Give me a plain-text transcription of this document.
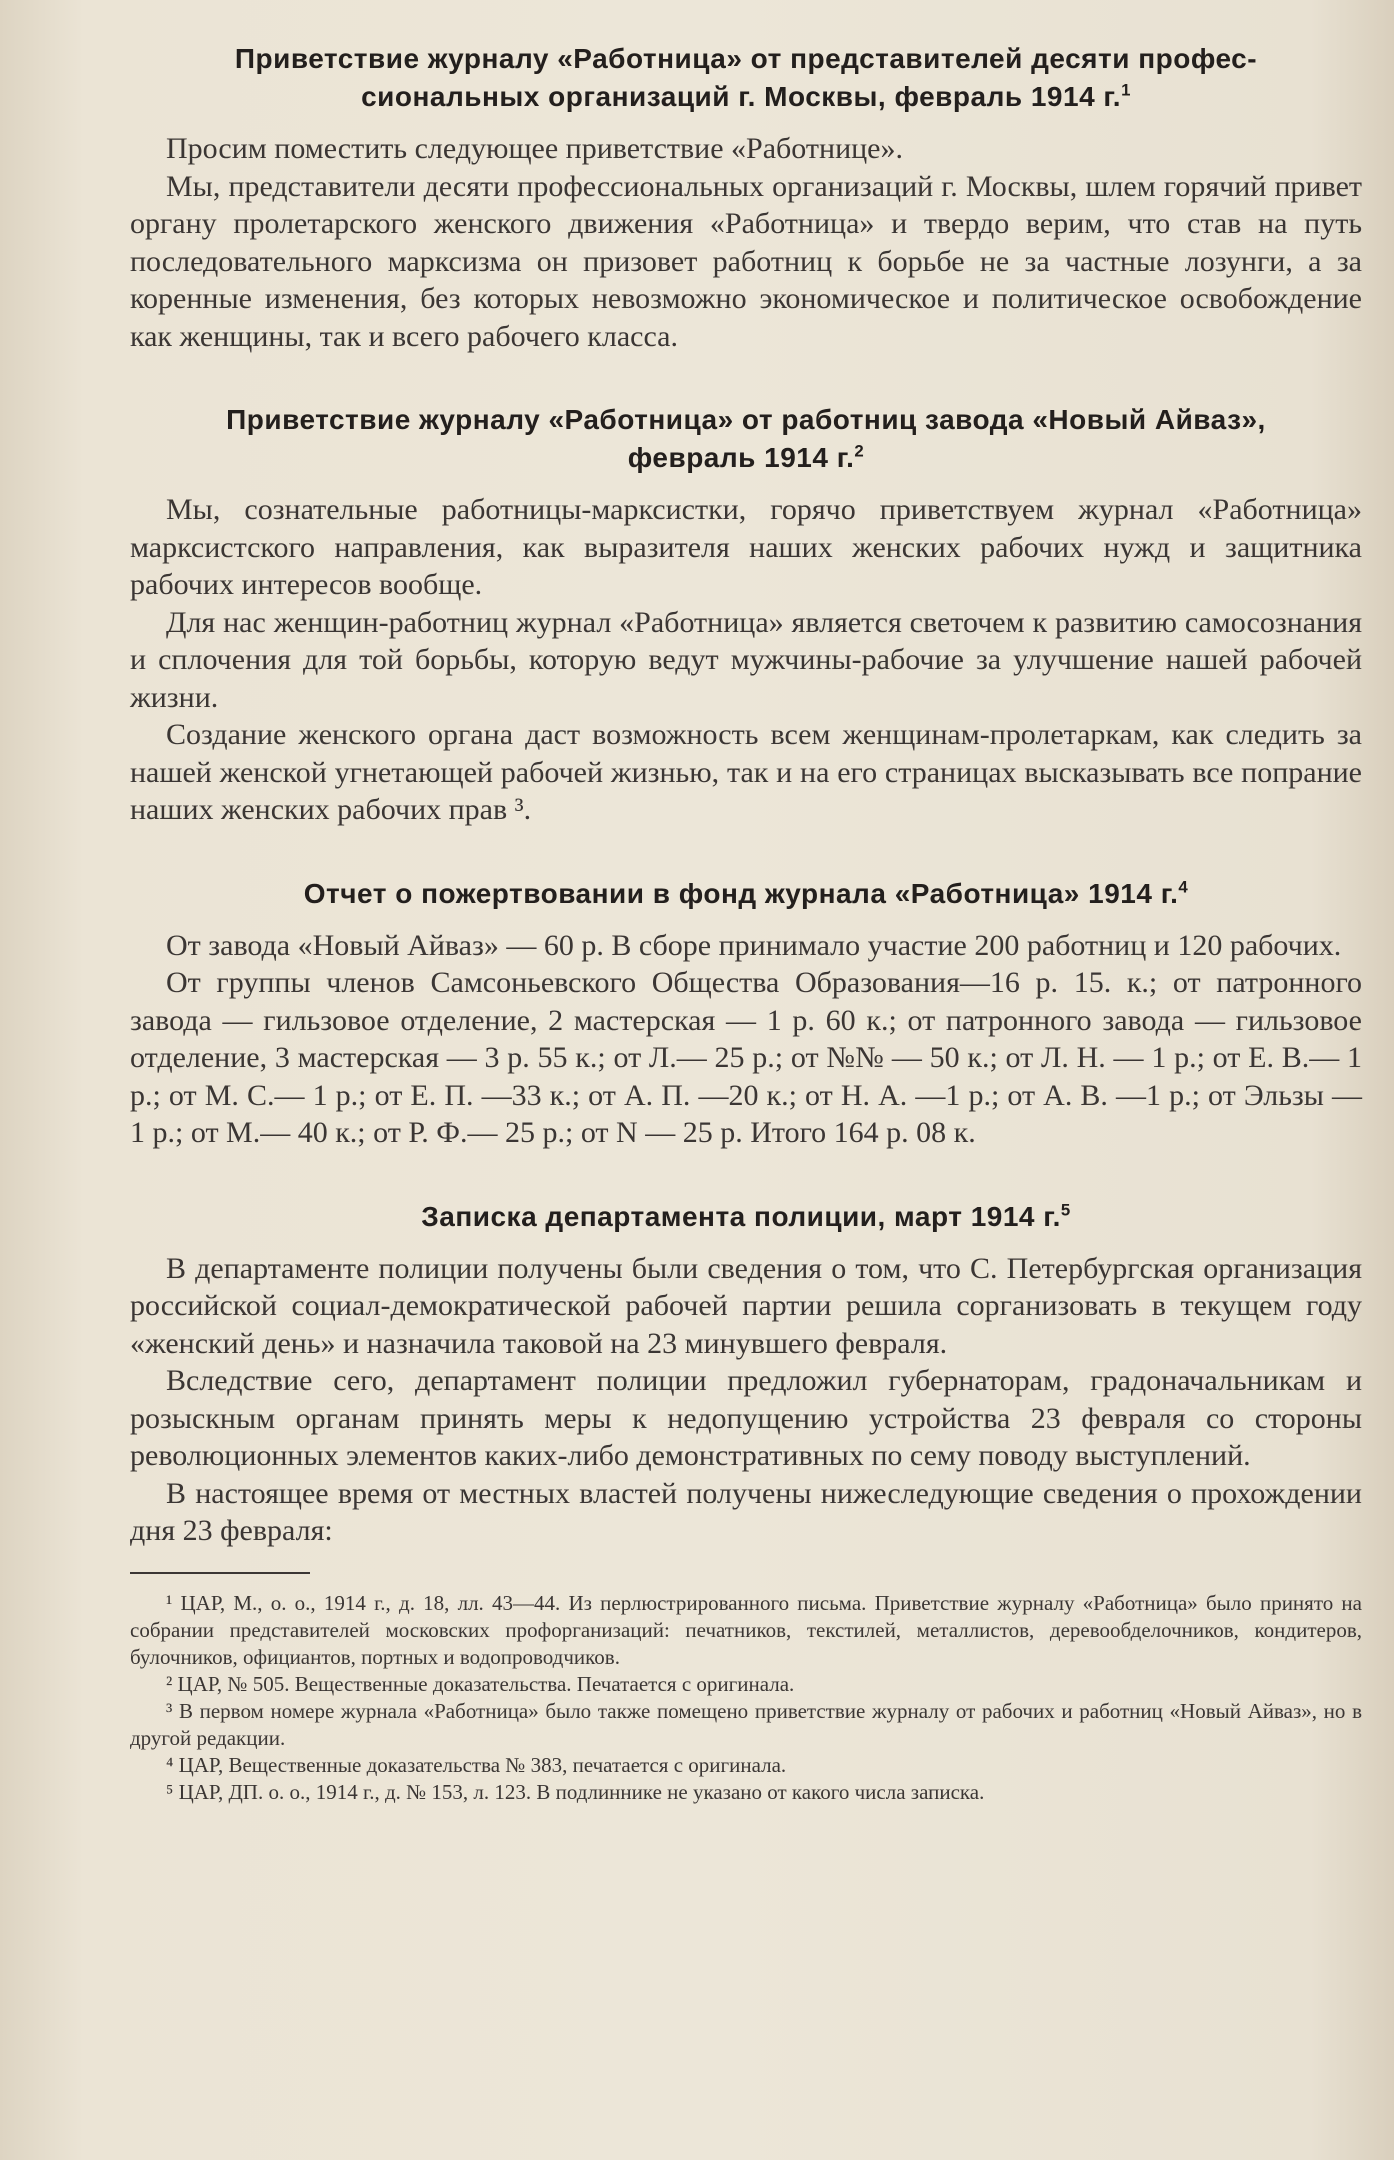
Приветствие журналу «Работница» от представителей десяти профес-
сиональных организаций г. Москвы, февраль 1914 г.$^1$

Просим поместить следующее приветствие «Работнице».

Мы, представители десяти профессиональных организаций г. Москвы, шлем горячий привет органу пролетарского женского движения «Работница» и твердо верим, что став на путь последовательного марксизма он призовет работниц к борьбе не за частные лозунги, а за коренные изменения, без которых невозможно экономическое и политическое освобождение как женщины, так и всего рабочего класса.

Приветствие журналу «Работница» от работниц завода «Новый Айваз»,
февраль 1914 г.$^2$

Мы, сознательные работницы-марксистки, горячо приветствуем журнал «Работница» марксистского направления, как выразителя наших женских рабочих нужд и защитника рабочих интересов вообще.

Для нас женщин-работниц журнал «Работница» является светочем к развитию самосознания и сплочения для той борьбы, которую ведут мужчины-рабочие за улучшение нашей рабочей жизни.

Создание женского органа даст возможность всем женщинам-пролетаркам, как следить за нашей женской угнетающей рабочей жизнью, так и на его страницах высказывать все попрание наших женских рабочих прав ³.

Отчет о пожертвовании в фонд журнала «Работница» 1914 г.$^4$

От завода «Новый Айваз» — 60 р. В сборе принимало участие 200 работниц и 120 рабочих.

От группы членов Самсоньевского Общества Образования—16 р. 15. к.; от патронного завода — гильзовое отделение, 2 мастерская — 1 р. 60 к.; от патронного завода — гильзовое отделение, 3 мастерская — 3 р. 55 к.; от Л.— 25 р.; от №№ — 50 к.; от Л. Н. — 1 р.; от Е. В.— 1 р.; от М. С.— 1 р.; от Е. П. —33 к.; от А. П. —20 к.; от Н. А. —1 р.; от А. В. —1 р.; от Эльзы — 1 р.; от М.— 40 к.; от Р. Ф.— 25 р.; от N — 25 р. Итого 164 р. 08 к.

Записка департамента полиции, март 1914 г.$^5$

В департаменте полиции получены были сведения о том, что С. Петербургская организация российской социал-демократической рабочей партии решила сорганизовать в текущем году «женский день» и назначила таковой на 23 минувшего февраля.

Вследствие сего, департамент полиции предложил губернаторам, градоначальникам и розыскным органам принять меры к недопущению устройства 23 февраля со стороны революционных элементов каких-либо демонстративных по сему поводу выступлений.

В настоящее время от местных властей получены нижеследующие сведения о прохождении дня 23 февраля:

¹ ЦАР, М., о. о., 1914 г., д. 18, лл. 43—44. Из перлюстрированного письма. Приветствие журналу «Работница» было принято на собрании представителей московских профорганизаций: печатников, текстилей, металлистов, деревообделочников, кондитеров, булочников, официантов, портных и водопроводчиков.

² ЦАР, № 505. Вещественные доказательства. Печатается с оригинала.

³ В первом номере журнала «Работница» было также помещено приветствие журналу от рабочих и работниц «Новый Айваз», но в другой редакции.

⁴ ЦАР, Вещественные доказательства № 383, печатается с оригинала.

⁵ ЦАР, ДП. о. о., 1914 г., д. № 153, л. 123. В подлиннике не указано от какого числа записка.
